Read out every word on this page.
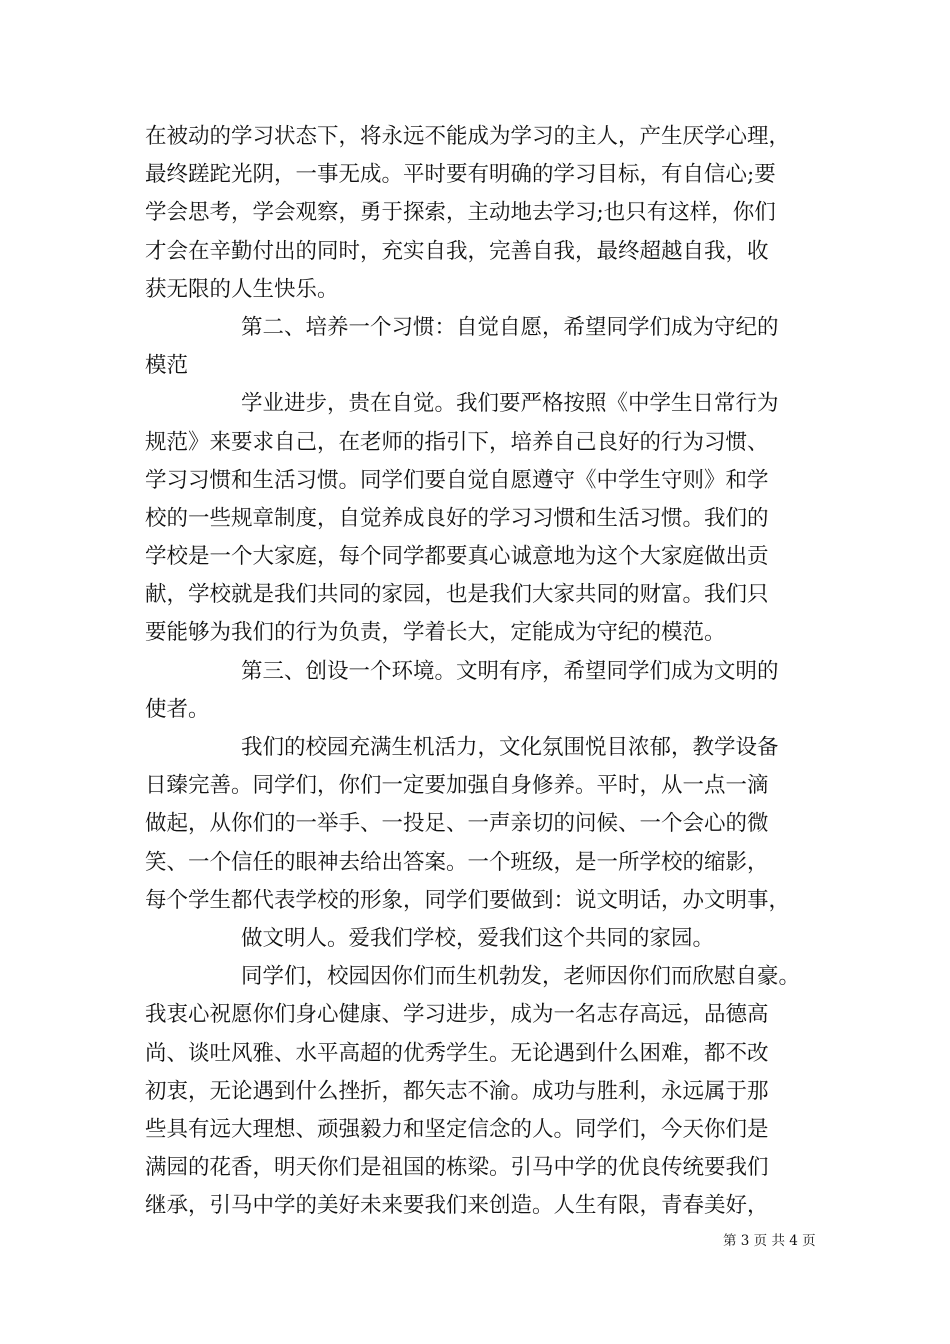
在被动的学习状态下，将永远不能成为学习的主人，产生厌学心理，
最终蹉跎光阴，一事无成。平时要有明确的学习目标，有自信心;要
学会思考，学会观察，勇于探索，主动地去学习;也只有这样，你们
才会在辛勤付出的同时，充实自我，完善自我，最终超越自我，收
获无限的人生快乐。
第二、培养一个习惯：自觉自愿，希望同学们成为守纪的
模范
学业进步，贵在自觉。我们要严格按照《中学生日常行为
规范》来要求自己，在老师的指引下，培养自己良好的行为习惯、
学习习惯和生活习惯。同学们要自觉自愿遵守《中学生守则》和学
校的一些规章制度，自觉养成良好的学习习惯和生活习惯。我们的
学校是一个大家庭，每个同学都要真心诚意地为这个大家庭做出贡
献，学校就是我们共同的家园，也是我们大家共同的财富。我们只
要能够为我们的行为负责，学着长大，定能成为守纪的模范。
第三、创设一个环境。文明有序，希望同学们成为文明的
使者。
我们的校园充满生机活力，文化氛围悦目浓郁，教学设备
日臻完善。同学们，你们一定要加强自身修养。平时，从一点一滴
做起，从你们的一举手、一投足、一声亲切的问候、一个会心的微
笑、一个信任的眼神去给出答案。一个班级，是一所学校的缩影，
每个学生都代表学校的形象，同学们要做到：说文明话，办文明事，
做文明人。爱我们学校，爱我们这个共同的家园。
同学们，校园因你们而生机勃发，老师因你们而欣慰自豪。
我衷心祝愿你们身心健康、学习进步，成为一名志存高远，品德高
尚、谈吐风雅、水平高超的优秀学生。无论遇到什么困难，都不改
初衷，无论遇到什么挫折，都矢志不渝。成功与胜利，永远属于那
些具有远大理想、顽强毅力和坚定信念的人。同学们，今天你们是
满园的花香，明天你们是祖国的栋梁。引马中学的优良传统要我们
继承，引马中学的美好未来要我们来创造。人生有限，青春美好，
第 3 页 共 4 页
